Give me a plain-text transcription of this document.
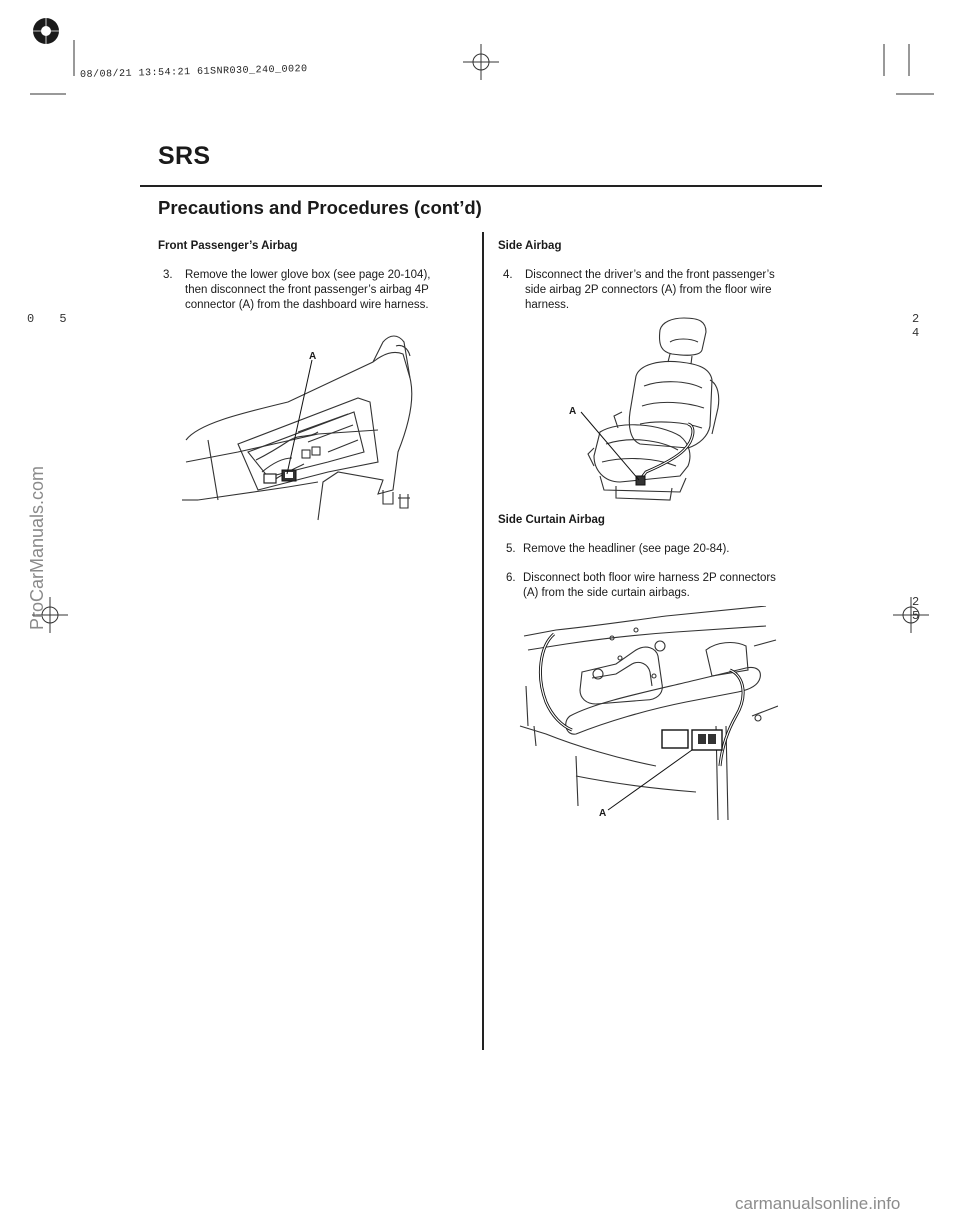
08/08/21 13:54:21 61SNR030_240_0020
SRS
Precautions and Procedures (cont’d)
Front Passenger’s Airbag
3. Remove the lower glove box (see page 20-104),
then disconnect the front passenger’s airbag 4P
connector (A) from the dashboard wire harness.
A
Side Airbag
4. Disconnect the driver’s and the front passenger’s
side airbag 2P connectors (A) from the floor wire
harness.
A
Side Curtain Airbag
5. Remove the headliner (see page 20-84).
6. Disconnect both floor wire harness 2P connectors
(A) from the side curtain airbags.
A
0 5	2 4
2 5
ProCarManuals.com
carmanualsonline.info
